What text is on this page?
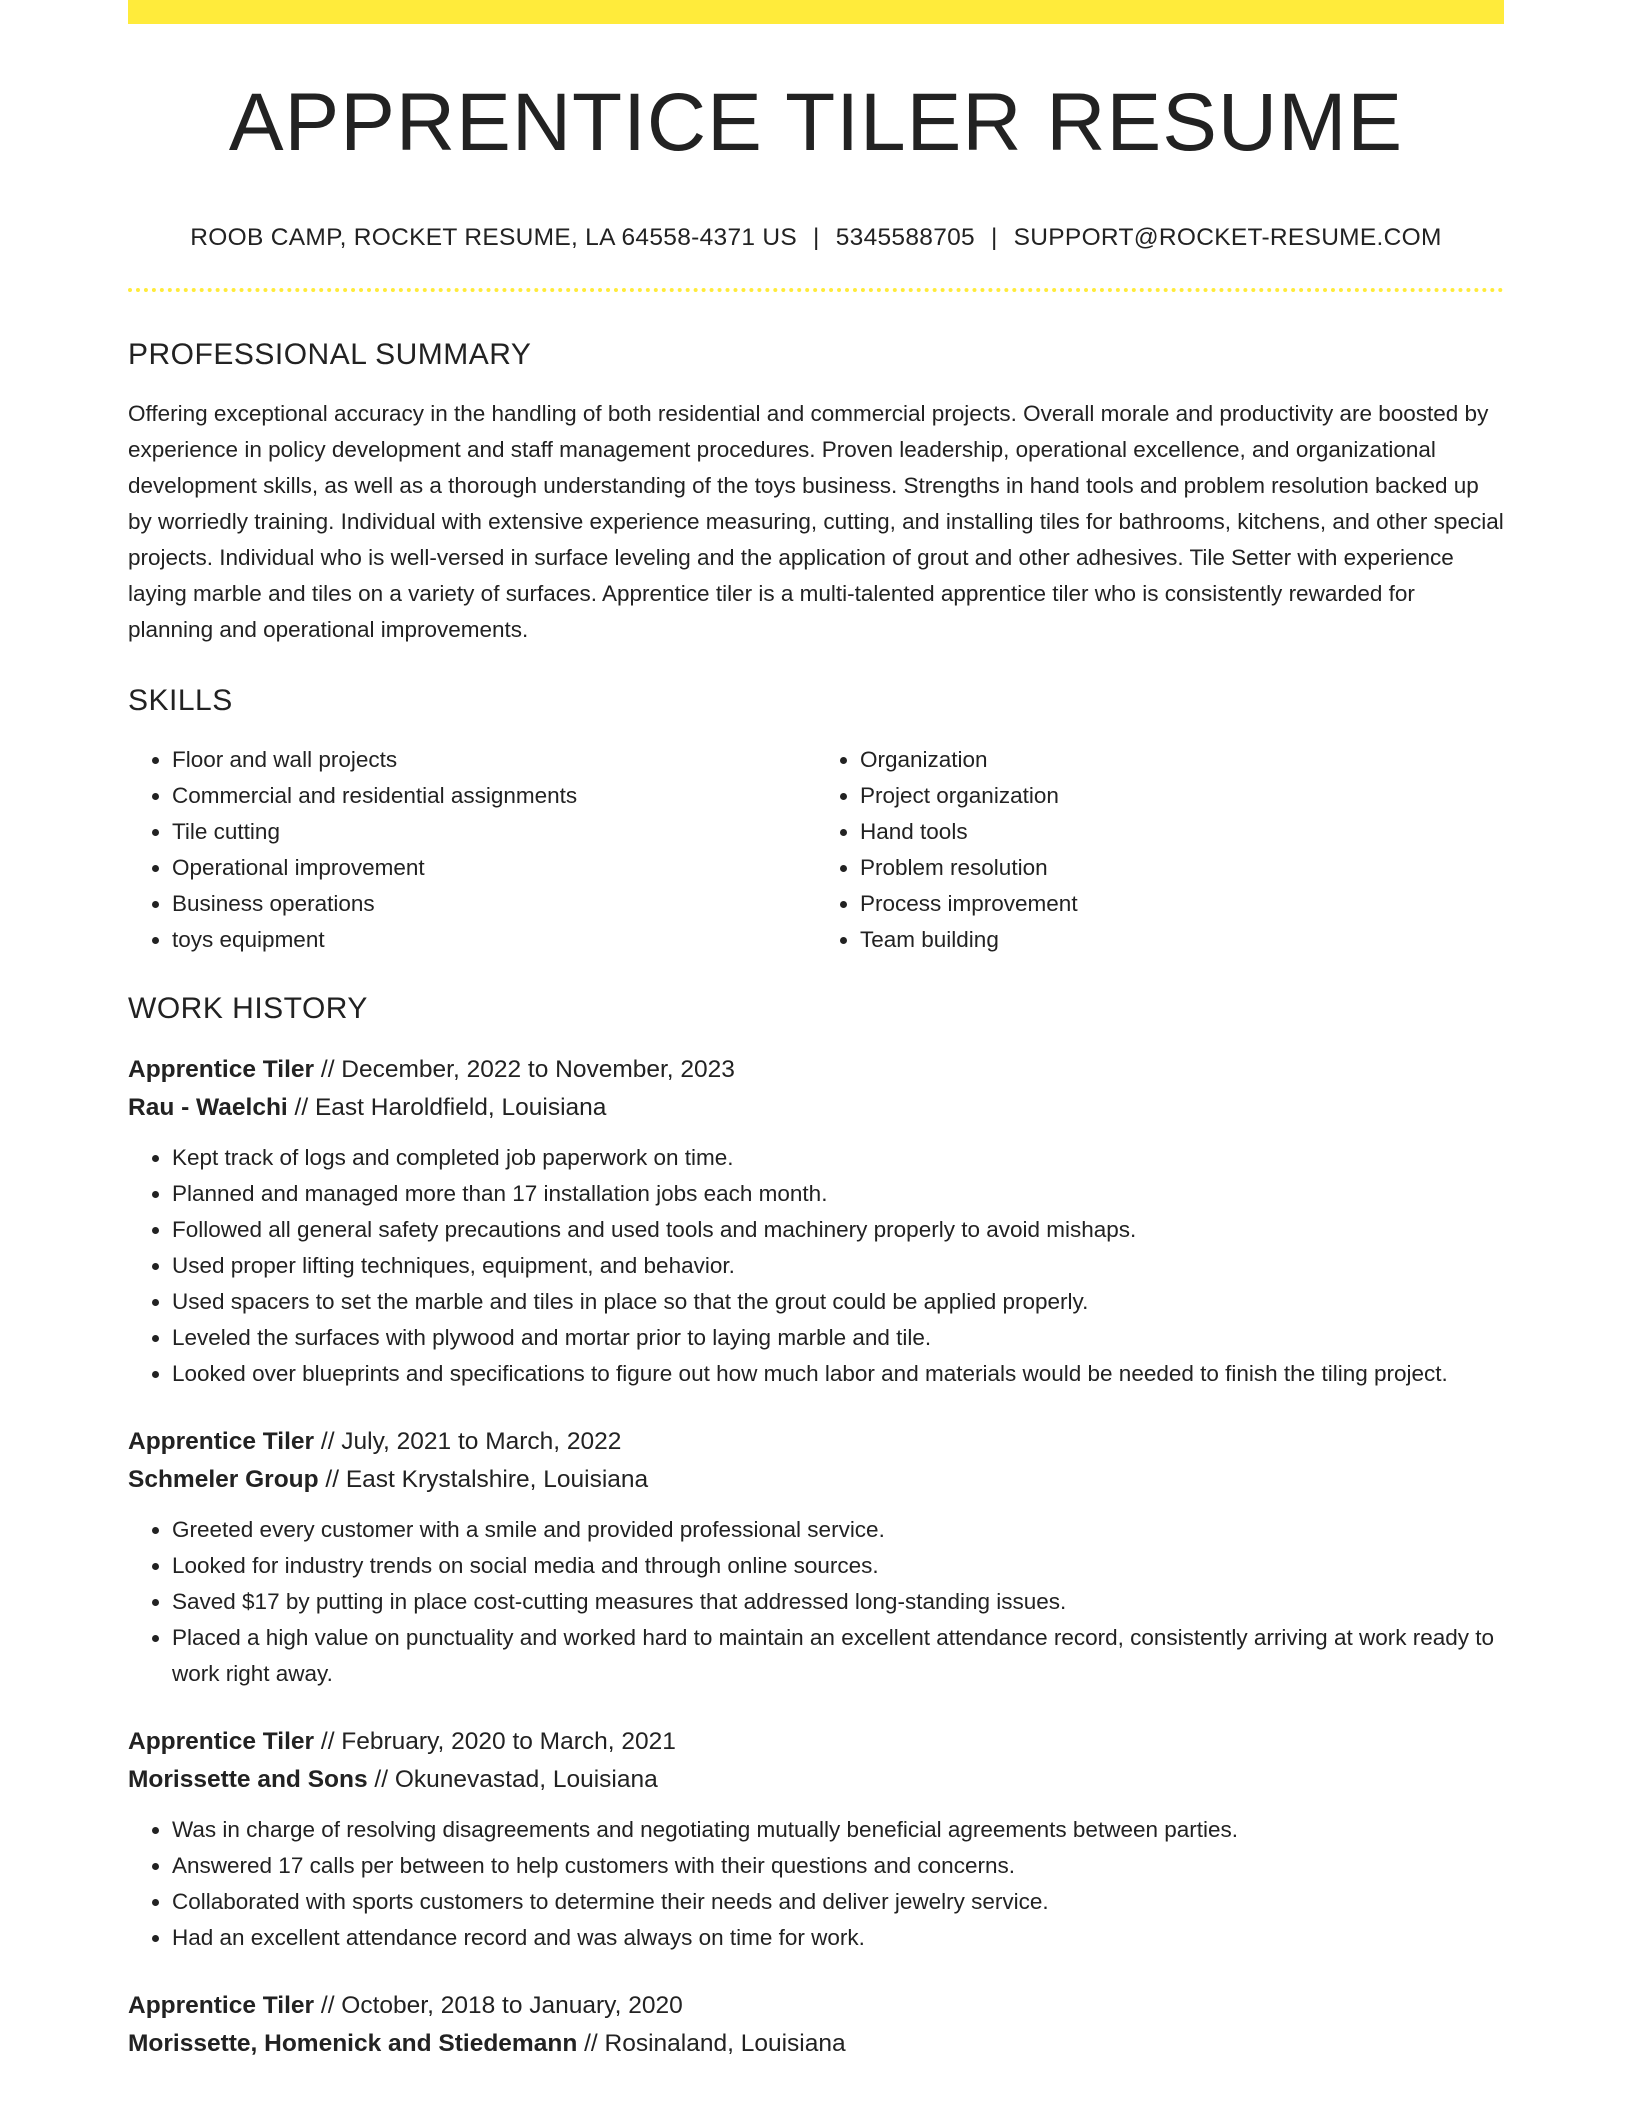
APPRENTICE TILER RESUME
ROOB CAMP, ROCKET RESUME, LA 64558-4371 US | 5345588705 | SUPPORT@ROCKET-RESUME.COM
PROFESSIONAL SUMMARY

Offering exceptional accuracy in the handling of both residential and commercial projects. Overall morale and productivity are boosted by experience in policy development and staff management procedures. Proven leadership, operational excellence, and organizational development skills, as well as a thorough understanding of the toys business. Strengths in hand tools and problem resolution backed up by worriedly training. Individual with extensive experience measuring, cutting, and installing tiles for bathrooms, kitchens, and other special projects. Individual who is well-versed in surface leveling and the application of grout and other adhesives. Tile Setter with experience laying marble and tiles on a variety of surfaces. Apprentice tiler is a multi-talented apprentice tiler who is consistently rewarded for planning and operational improvements.

SKILLS
• Floor and wall projects
• Commercial and residential assignments
• Tile cutting
• Operational improvement
• Business operations
• toys equipment
• Organization
• Project organization
• Hand tools
• Problem resolution
• Process improvement
• Team building
WORK HISTORY
Apprentice Tiler // December, 2022 to November, 2023
Rau - Waelchi // East Haroldfield, Louisiana
• Kept track of logs and completed job paperwork on time.
• Planned and managed more than 17 installation jobs each month.
• Followed all general safety precautions and used tools and machinery properly to avoid mishaps.
• Used proper lifting techniques, equipment, and behavior.
• Used spacers to set the marble and tiles in place so that the grout could be applied properly.
• Leveled the surfaces with plywood and mortar prior to laying marble and tile.
• Looked over blueprints and specifications to figure out how much labor and materials would be needed to finish the tiling project.
Apprentice Tiler // July, 2021 to March, 2022
Schmeler Group // East Krystalshire, Louisiana
• Greeted every customer with a smile and provided professional service.
• Looked for industry trends on social media and through online sources.
• Saved $17 by putting in place cost-cutting measures that addressed long-standing issues.
• Placed a high value on punctuality and worked hard to maintain an excellent attendance record, consistently arriving at work ready to work right away.
Apprentice Tiler // February, 2020 to March, 2021
Morissette and Sons // Okunevastad, Louisiana
• Was in charge of resolving disagreements and negotiating mutually beneficial agreements between parties.
• Answered 17 calls per between to help customers with their questions and concerns.
• Collaborated with sports customers to determine their needs and deliver jewelry service.
• Had an excellent attendance record and was always on time for work.
Apprentice Tiler // October, 2018 to January, 2020
Morissette, Homenick and Stiedemann // Rosinaland, Louisiana
